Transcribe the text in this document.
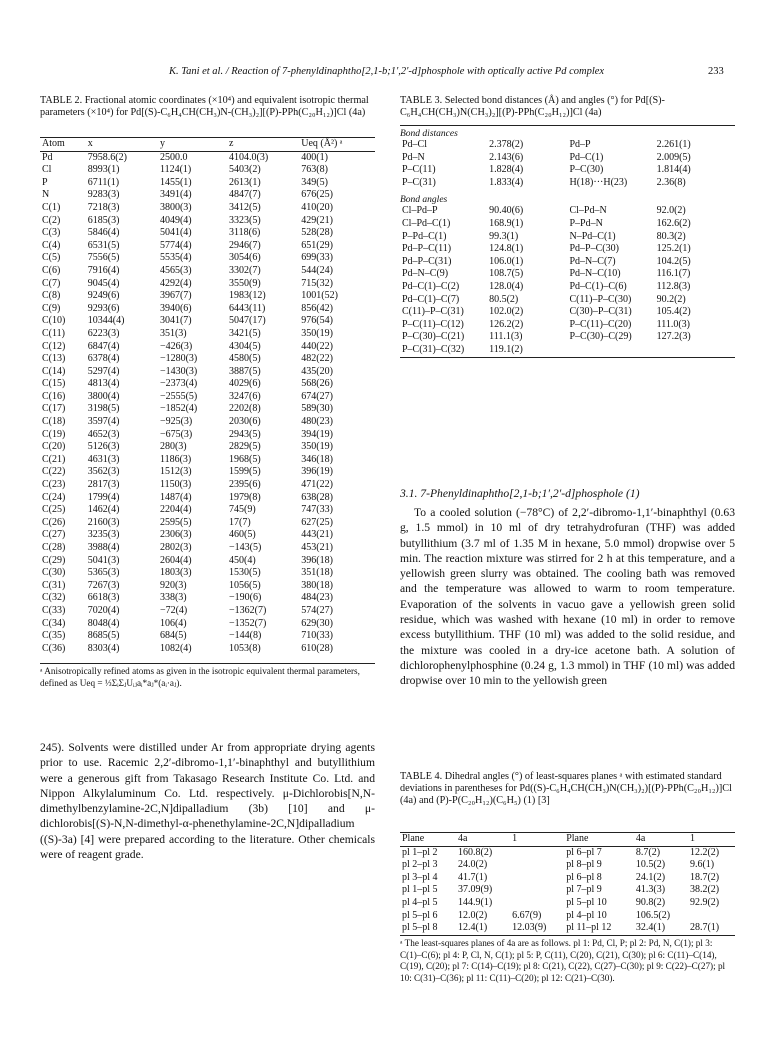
K. Tani et al. / Reaction of 7-phenyldinaphtho[2,1-b;1',2'-d]phosphole with optically active Pd complex	233
TABLE 2. Fractional atomic coordinates (×10⁴) and equivalent isotropic thermal parameters (×10⁴) for Pd[(S)-C₆H₄CH(CH₃)N-(CH₃)₂][(P)-PPh(C₂₀H₁₂)]Cl (4a)
Atom	x	y	z	Ueq (Å²) ᵃ
Pd	7958.6(2)	2500.0	4104.0(3)	400(1)
Cl	8993(1)	1124(1)	5403(2)	763(8)
P	6711(1)	1455(1)	2613(1)	349(5)
N	9283(3)	3491(4)	4847(7)	676(25)
C(1)	7218(3)	3800(3)	3412(5)	410(20)
C(2)	6185(3)	4049(4)	3323(5)	429(21)
C(3)	5846(4)	5041(4)	3118(6)	528(28)
C(4)	6531(5)	5774(4)	2946(7)	651(29)
C(5)	7556(5)	5535(4)	3054(6)	699(33)
C(6)	7916(4)	4565(3)	3302(7)	544(24)
C(7)	9045(4)	4292(4)	3550(9)	715(32)
C(8)	9249(6)	3967(7)	1983(12)	1001(52)
C(9)	9293(6)	3940(6)	6443(11)	856(42)
C(10)	10344(4)	3041(7)	5047(17)	976(54)
C(11)	6223(3)	351(3)	3421(5)	350(19)
C(12)	6847(4)	−426(3)	4304(5)	440(22)
C(13)	6378(4)	−1280(3)	4580(5)	482(22)
C(14)	5297(4)	−1430(3)	3887(5)	435(20)
C(15)	4813(4)	−2373(4)	4029(6)	568(26)
C(16)	3800(4)	−2555(5)	3247(6)	674(27)
C(17)	3198(5)	−1852(4)	2202(8)	589(30)
C(18)	3597(4)	−925(3)	2030(6)	480(23)
C(19)	4652(3)	−675(3)	2943(5)	394(19)
C(20)	5126(3)	280(3)	2829(5)	350(19)
C(21)	4631(3)	1186(3)	1968(5)	346(18)
C(22)	3562(3)	1512(3)	1599(5)	396(19)
C(23)	2817(3)	1150(3)	2395(6)	471(22)
C(24)	1799(4)	1487(4)	1979(8)	638(28)
C(25)	1462(4)	2204(4)	745(9)	747(33)
C(26)	2160(3)	2595(5)	17(7)	627(25)
C(27)	3235(3)	2306(3)	460(5)	443(21)
C(28)	3988(4)	2802(3)	−143(5)	453(21)
C(29)	5041(3)	2604(4)	450(4)	396(18)
C(30)	5365(3)	1803(3)	1530(5)	351(18)
C(31)	7267(3)	920(3)	1056(5)	380(18)
C(32)	6618(3)	338(3)	−190(6)	484(23)
C(33)	7020(4)	−72(4)	−1362(7)	574(27)
C(34)	8048(4)	106(4)	−1352(7)	629(30)
C(35)	8685(5)	684(5)	−144(8)	710(33)
C(36)	8303(4)	1082(4)	1053(8)	610(28)
ᵃ Anisotropically refined atoms as given in the isotropic equivalent thermal parameters, defined as Ueq = ⅓ΣᵢΣⱼUᵢⱼaᵢ*aⱼ*(aᵢ·aⱼ).
245). Solvents were distilled under Ar from appropriate drying agents prior to use. Racemic 2,2′-dibromo-1,1′-binaphthyl and butyllithium were a generous gift from Takasago Research Institute Co. Ltd. and Nippon Alkylaluminum Co. Ltd. respectively. μ-Dichlorobis[N,N-dimethylbenzylamine-2C,N]dipalladium (3b) [10] and μ-dichlorobis[(S)-N,N-dimethyl-α-phenethylamine-2C,N]dipalladium ((S)-3a) [4] were prepared according to the literature. Other chemicals were of reagent grade.
TABLE 3. Selected bond distances (Å) and angles (°) for Pd[(S)-C₆H₄CH(CH₃)N(CH₃)₂][(P)-PPh(C₂₀H₁₂)]Cl (4a)
Bond distances
Pd–Cl	2.378(2)	Pd–P	2.261(1)
Pd–N	2.143(6)	Pd–C(1)	2.009(5)
P–C(11)	1.828(4)	P–C(30)	1.814(4)
P–C(31)	1.833(4)	H(18)···H(23)	2.36(8)
Bond angles
Cl–Pd–P	90.40(6)	Cl–Pd–N	92.0(2)
Cl–Pd–C(1)	168.9(1)	P–Pd–N	162.6(2)
P–Pd–C(1)	99.3(1)	N–Pd–C(1)	80.3(2)
Pd–P–C(11)	124.8(1)	Pd–P–C(30)	125.2(1)
Pd–P–C(31)	106.0(1)	Pd–N–C(7)	104.2(5)
Pd–N–C(9)	108.7(5)	Pd–N–C(10)	116.1(7)
Pd–C(1)–C(2)	128.0(4)	Pd–C(1)–C(6)	112.8(3)
Pd–C(1)–C(7)	80.5(2)	C(11)–P–C(30)	90.2(2)
C(11)–P–C(31)	102.0(2)	C(30)–P–C(31)	105.4(2)
P–C(11)–C(12)	126.2(2)	P–C(11)–C(20)	111.0(3)
P–C(30)–C(21)	111.1(3)	P–C(30)–C(29)	127.2(3)
P–C(31)–C(32)	119.1(2)		
3.1. 7-Phenyldinaphtho[2,1-b;1′,2′-d]phosphole (1)
To a cooled solution (−78°C) of 2,2′-dibromo-1,1′-binaphthyl (0.63 g, 1.5 mmol) in 10 ml of dry tetrahydrofuran (THF) was added butyllithium (3.7 ml of 1.35 M in hexane, 5.0 mmol) dropwise over 5 min. The reaction mixture was stirred for 2 h at this temperature, and a yellowish green slurry was obtained. The cooling bath was removed and the temperature was allowed to warm to room temperature. Evaporation of the solvents in vacuo gave a yellowish green solid residue, which was washed with hexane (10 ml) in order to remove excess butyllithium. THF (10 ml) was added to the solid residue, and the mixture was cooled in a dry-ice acetone bath. A solution of dichlorophenylphosphine (0.24 g, 1.3 mmol) in THF (10 ml) was added dropwise over 10 min to the yellowish green
TABLE 4. Dihedral angles (°) of least-squares planes ᵃ with estimated standard deviations in parentheses for Pd((S)-C₆H₄CH(CH₃)N(CH₃)₂)[(P)-PPh(C₂₀H₁₂)]Cl (4a) and (P)-P(C₂₀H₁₂)(C₆H₅) (1) [3]
Plane	4a	1	Plane	4a	1
pl 1–pl 2	160.8(2)		pl 6–pl 7	8.7(2)	12.2(2)
pl 2–pl 3	24.0(2)		pl 8–pl 9	10.5(2)	9.6(1)
pl 3–pl 4	41.7(1)		pl 6–pl 8	24.1(2)	18.7(2)
pl 1–pl 5	37.09(9)		pl 7–pl 9	41.3(3)	38.2(2)
pl 4–pl 5	144.9(1)		pl 5–pl 10	90.8(2)	92.9(2)
pl 5–pl 6	12.0(2)	6.67(9)	pl 4–pl 10	106.5(2)	
pl 5–pl 8	12.4(1)	12.03(9)	pl 11–pl 12	32.4(1)	28.7(1)
ᵃ The least-squares planes of 4a are as follows. pl 1: Pd, Cl, P; pl 2: Pd, N, C(1); pl 3: C(1)–C(6); pl 4: P, Cl, N, C(1); pl 5: P, C(11), C(20), C(21), C(30); pl 6: C(11)–C(14), C(19), C(20); pl 7: C(14)–C(19); pl 8: C(21), C(22), C(27)–C(30); pl 9: C(22)–C(27); pl 10: C(31)–C(36); pl 11: C(11)–C(20); pl 12: C(21)–C(30).
